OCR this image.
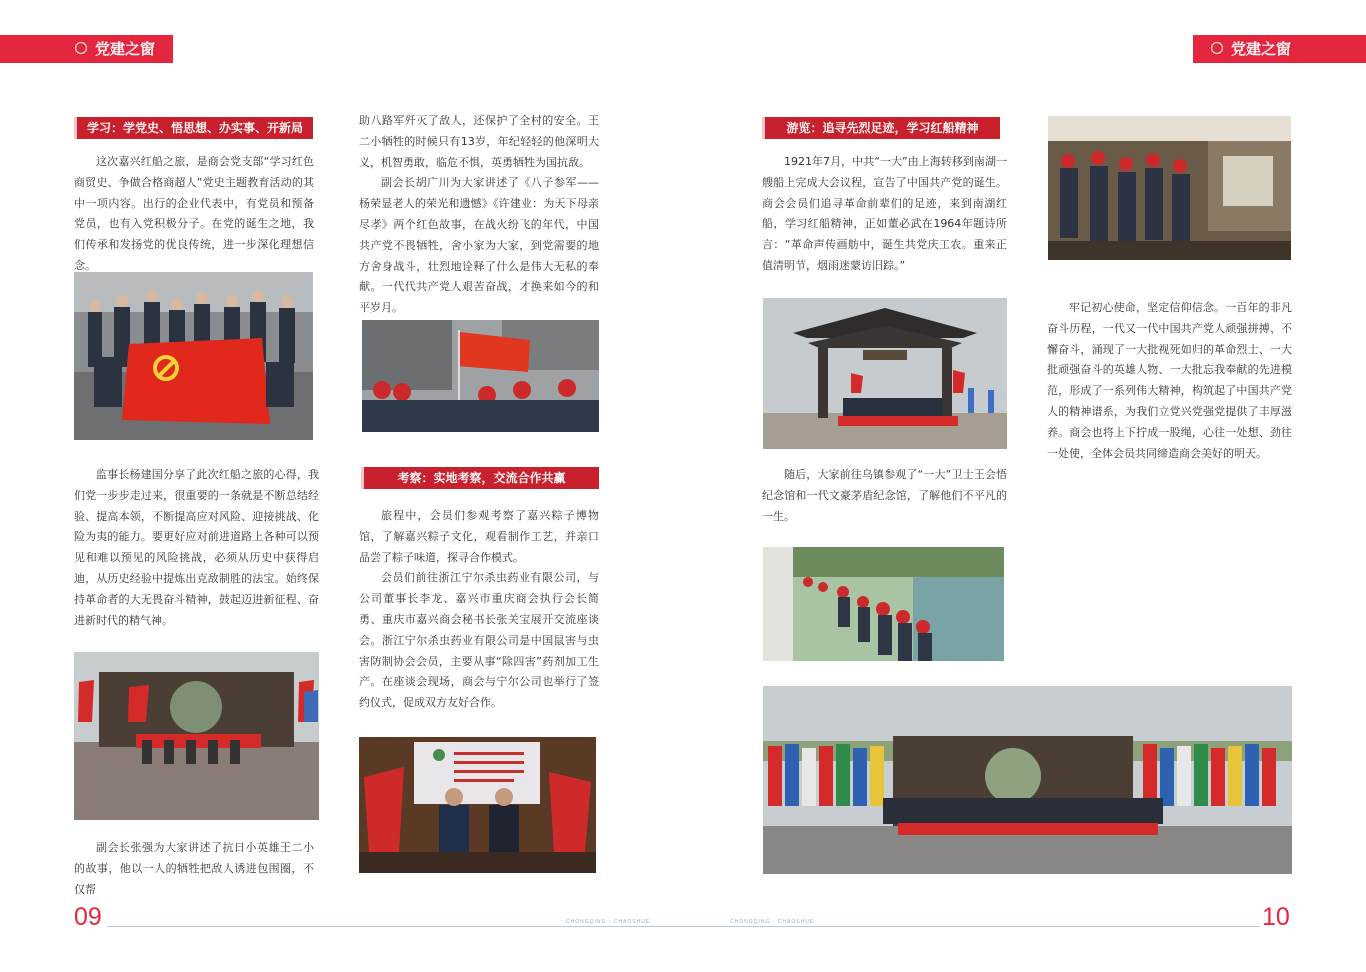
党建之窗	党建之窗
学习：学党史、悟思想、办实事、开新局

这次嘉兴红船之旅，是商会党支部“学习红色商贸史、争做合格商超人”党史主题教育活动的其中一项内容。出行的企业代表中，有党员和预备党员，也有入党积极分子。在党的诞生之地，我们传承和发扬党的优良传统，进一步深化理想信念。

监事长杨建国分享了此次红船之旅的心得，我们党一步步走过来，很重要的一条就是不断总结经验、提高本领，不断提高应对风险、迎接挑战、化险为夷的能力。要更好应对前进道路上各种可以预见和难以预见的风险挑战，必须从历史中获得启迪，从历史经验中提炼出克敌制胜的法宝。始终保持革命者的大无畏奋斗精神，鼓起迈进新征程、奋进新时代的精气神。

副会长张强为大家讲述了抗日小英雄王二小的故事，他以一人的牺牲把敌人诱进包围圈，不仅帮

助八路军歼灭了敌人，还保护了全村的安全。王二小牺牲的时候只有13岁，年纪轻轻的他深明大义，机智勇敢，临危不惧，英勇牺牲为国抗敌。

副会长胡广川为大家讲述了《八子参军——杨荣显老人的荣光和遗憾》《许建业：为天下母亲尽孝》两个红色故事，在战火纷飞的年代，中国共产党不畏牺牲，舍小家为大家，到党需要的地方舍身战斗，壮烈地诠释了什么是伟大无私的奉献。一代代共产党人艰苦奋战，才换来如今的和平岁月。

考察：实地考察，交流合作共赢

旅程中，会员们参观考察了嘉兴粽子博物馆，了解嘉兴粽子文化，观看制作工艺，并亲口品尝了粽子味道，探寻合作模式。

会员们前往浙江宁尔杀虫药业有限公司，与公司董事长李龙、嘉兴市重庆商会执行会长简勇、重庆市嘉兴商会秘书长张关宝展开交流座谈会。浙江宁尔杀虫药业有限公司是中国鼠害与虫害防制协会会员，主要从事“除四害”药剂加工生产。在座谈会现场，商会与宁尔公司也举行了签约仪式，促成双方友好合作。

游览：追寻先烈足迹，学习红船精神

1921年7月，中共“一大”由上海转移到南湖一艘船上完成大会议程，宣告了中国共产党的诞生。商会会员们追寻革命前辈们的足迹，来到南湖红船，学习红船精神，正如董必武在1964年题诗所言：“革命声传画舫中，诞生共党庆工农。重来正值清明节，烟雨迷蒙访旧踪。”

随后，大家前往乌镇参观了“一大”卫士王会悟纪念馆和一代文豪茅盾纪念馆，了解他们不平凡的一生。

牢记初心使命，坚定信仰信念。一百年的非凡奋斗历程，一代又一代中国共产党人顽强拼搏、不懈奋斗，涌现了一大批视死如归的革命烈士、一大批顽强奋斗的英雄人物、一大批忘我奉献的先进模范，形成了一系列伟大精神，构筑起了中国共产党人的精神谱系，为我们立党兴党强党提供了丰厚滋养。商会也将上下拧成一股绳，心往一处想、劲往一处使，全体会员共同缔造商会美好的明天。

09	CHONGQING · CHAOSHUE	CHONGQING · CHAOSHUE	10
